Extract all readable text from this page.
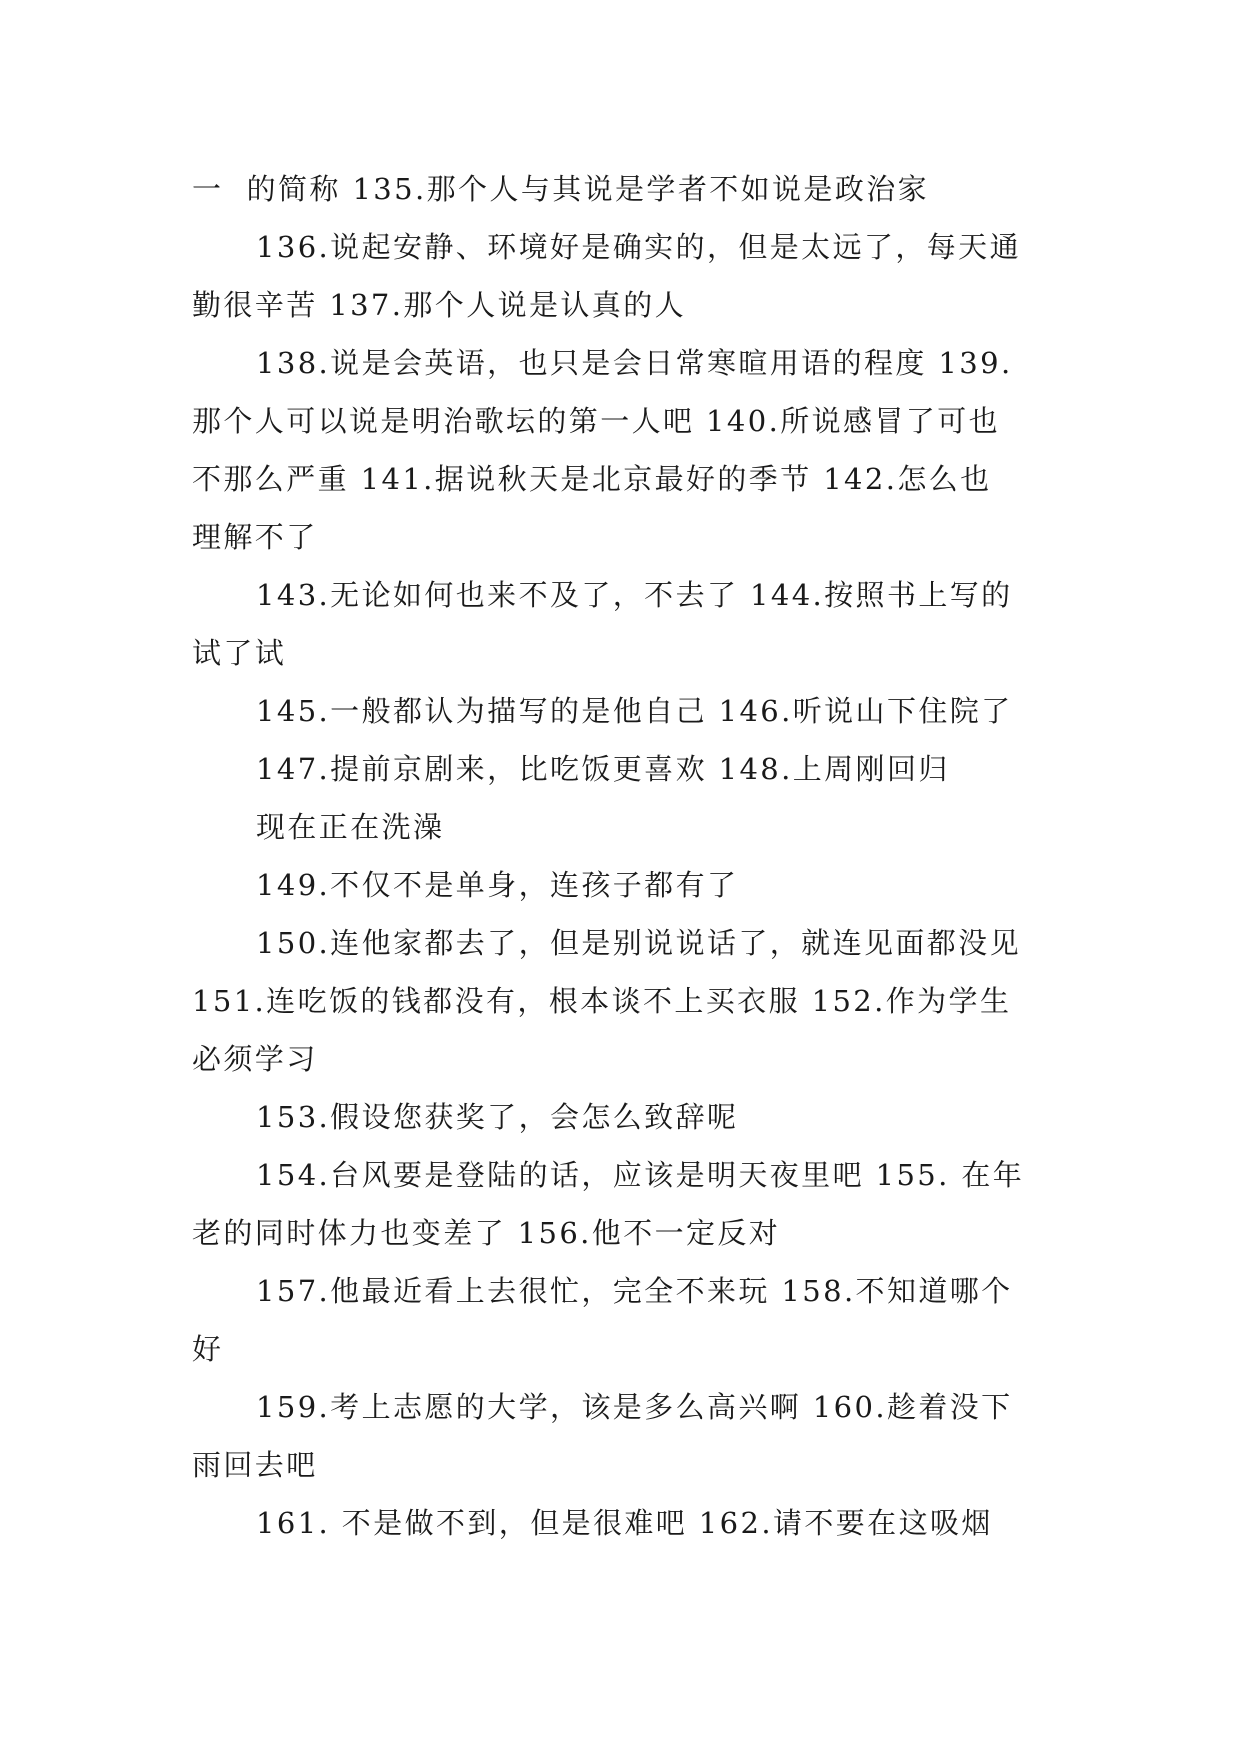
一  的简称 135.那个人与其说是学者不如说是政治家
136.说起安静、环境好是确实的，但是太远了，每天通
勤很辛苦 137.那个人说是认真的人
138.说是会英语，也只是会日常寒暄用语的程度 139.
那个人可以说是明治歌坛的第一人吧 140.所说感冒了可也
不那么严重 141.据说秋天是北京最好的季节 142.怎么也
理解不了
143.无论如何也来不及了，不去了 144.按照书上写的
试了试
145.一般都认为描写的是他自己 146.听说山下住院了
147.提前京剧来，比吃饭更喜欢 148.上周刚回归
现在正在洗澡
149.不仅不是单身，连孩子都有了
150.连他家都去了，但是别说说话了，就连见面都没见
151.连吃饭的钱都没有，根本谈不上买衣服 152.作为学生
必须学习
153.假设您获奖了，会怎么致辞呢
154.台风要是登陆的话，应该是明天夜里吧 155. 在年
老的同时体力也变差了 156.他不一定反对
157.他最近看上去很忙，完全不来玩 158.不知道哪个
好
159.考上志愿的大学，该是多么高兴啊 160.趁着没下
雨回去吧
161. 不是做不到，但是很难吧 162.请不要在这吸烟
